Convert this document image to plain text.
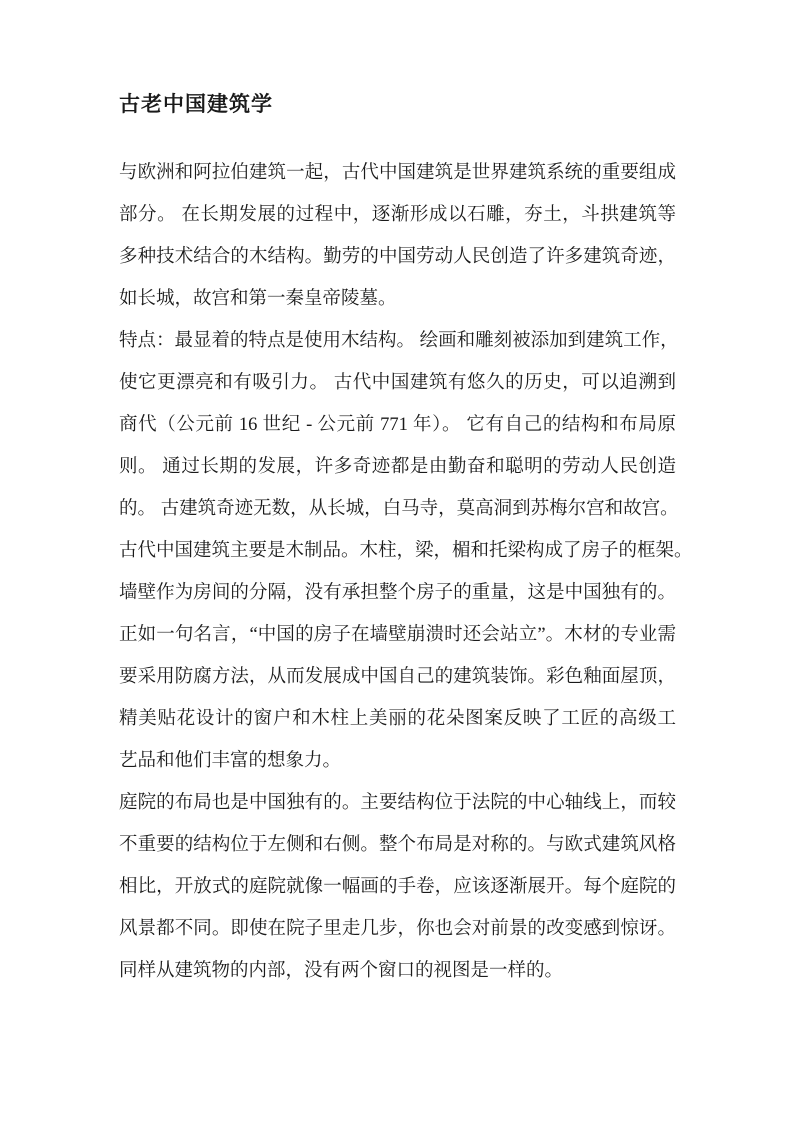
古老中国建筑学
与欧洲和阿拉伯建筑一起，古代中国建筑是世界建筑系统的重要组成
部分。 在长期发展的过程中，逐渐形成以石雕，夯土，斗拱建筑等
多种技术结合的木结构。勤劳的中国劳动人民创造了许多建筑奇迹，
如长城，故宫和第一秦皇帝陵墓。
特点：最显着的特点是使用木结构。 绘画和雕刻被添加到建筑工作，
使它更漂亮和有吸引力。 古代中国建筑有悠久的历史，可以追溯到
商代（公元前 16 世纪 - 公元前 771 年）。 它有自己的结构和布局原
则。 通过长期的发展，许多奇迹都是由勤奋和聪明的劳动人民创造
的。 古建筑奇迹无数，从长城，白马寺，莫高洞到苏梅尔宫和故宫。
古代中国建筑主要是木制品。木柱，梁，楣和托梁构成了房子的框架。
墙壁作为房间的分隔，没有承担整个房子的重量，这是中国独有的。
正如一句名言，“中国的房子在墙壁崩溃时还会站立”。木材的专业需
要采用防腐方法，从而发展成中国自己的建筑装饰。彩色釉面屋顶，
精美贴花设计的窗户和木柱上美丽的花朵图案反映了工匠的高级工
艺品和他们丰富的想象力。
庭院的布局也是中国独有的。主要结构位于法院的中心轴线上，而较
不重要的结构位于左侧和右侧。整个布局是对称的。与欧式建筑风格
相比，开放式的庭院就像一幅画的手卷，应该逐渐展开。每个庭院的
风景都不同。即使在院子里走几步，你也会对前景的改变感到惊讶。
同样从建筑物的内部，没有两个窗口的视图是一样的。
